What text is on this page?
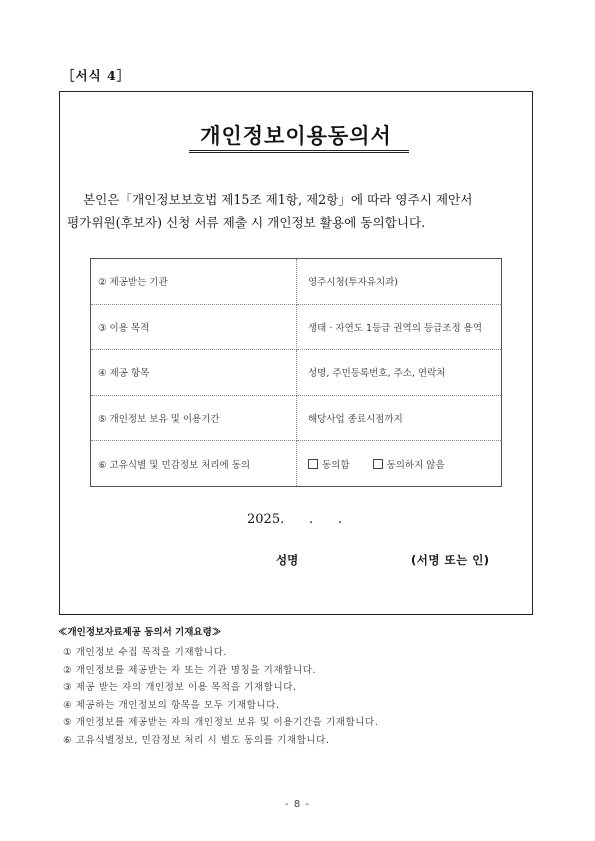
［서식 4］
개인정보이용동의서
본인은「개인정보보호법 제15조 제1항, 제2항」에 따라 영주시 제안서
평가위원(후보자) 신청 서류 제출 시 개인정보 활용에 동의합니다.
② 제공받는 기관	영주시청(투자유치과)
③ 이용 목적	생태 · 자연도 1등급 권역의 등급조정 용역
④ 제공 항목	성명, 주민등록번호, 주소, 연락처
⑤ 개인정보 보유 및 이용기간	해당사업 종료시점까지
⑥ 고유식별 및 민감정보 처리에 동의	동의함 동의하지 않음
2025.      .      .
성명	(서명 또는 인)
≪개인정보자료제공 동의서 기재요령≫
① 개인정보 수집 목적을 기재합니다.
② 개인정보를 제공받는 자 또는 기관 명칭을 기재합니다.
③ 제공 받는 자의 개인정보 이용 목적을 기재합니다.
④ 제공하는 개인정보의 항목을 모두 기재합니다.
⑤ 개인정보를 제공받는 자의 개인정보 보유 및 이용기간을 기재합니다.
⑥ 고유식별정보, 민감정보 처리 시 별도 동의를 기재합니다.
- 8 -
